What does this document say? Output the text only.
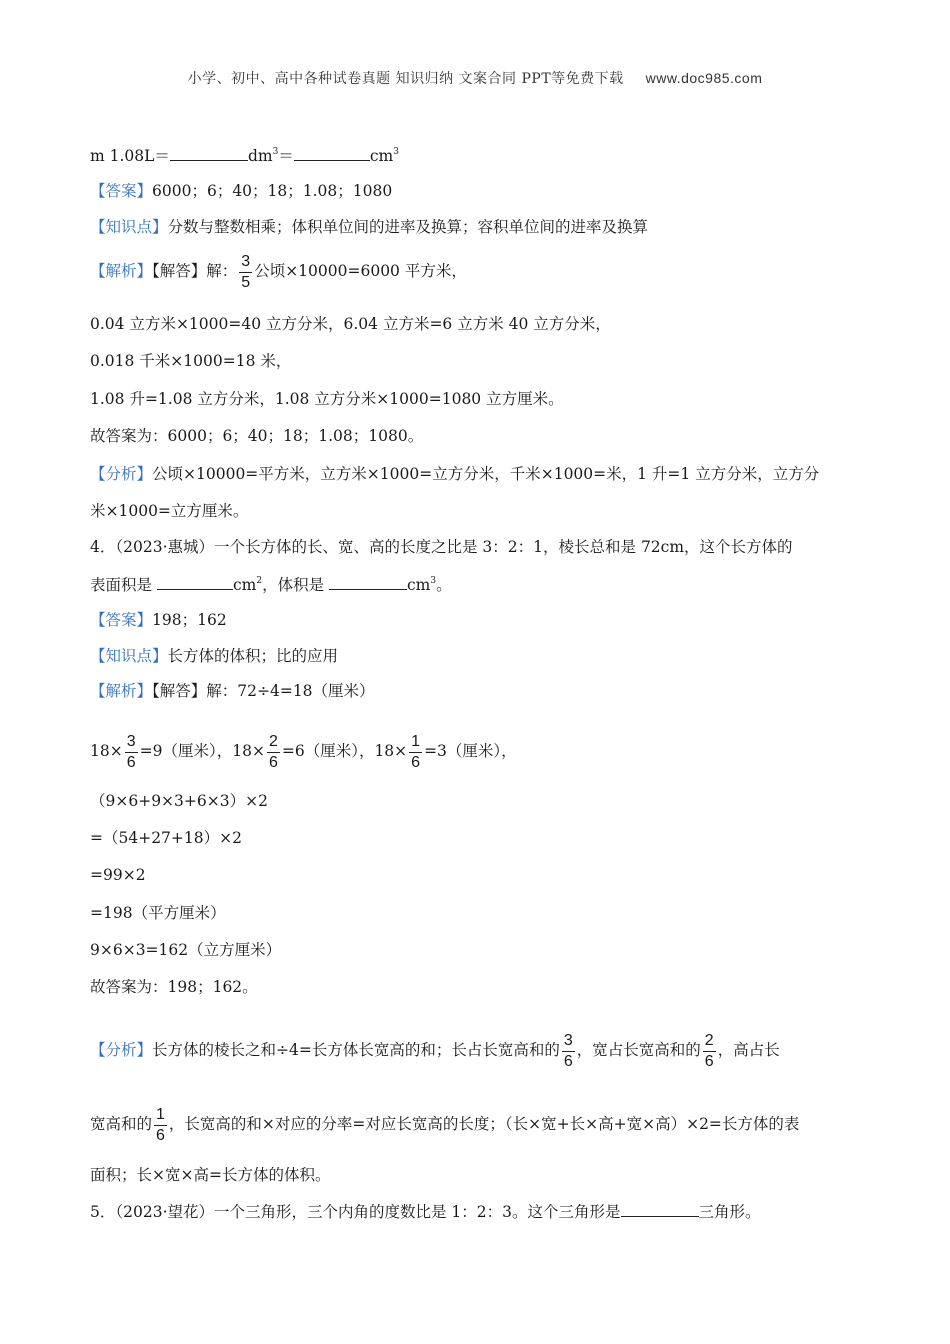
小学、初中、高中各种试卷真题 知识归纳 文案合同 PPT等免费下载 www.doc985.com
m 1.08L＝	$dm^3=$	$cm^3$
【答案】6000；6；40；18；1.08；1080
【知识点】分数与整数相乘；体积单位间的进率及换算；容积单位间的进率及换算
【解析】【解答】解： $\frac{3}{5}$ 公顷×10000=6000 平方米，
0.04 立方米×1000=40 立方分米，6.04 立方米=6 立方米 40 立方分米，
0.018 千米×1000=18 米，
1.08 升=1.08 立方分米，1.08 立方分米×1000=1080 立方厘米。
故答案为：6000；6；40；18；1.08；1080。
【分析】公顷×10000=平方米，立方米×1000=立方分米，千米×1000=米，1 升=1 立方分米，立方分
米×1000=立方厘米。
4．（2023·惠城）一个长方体的长、宽、高的长度之比是 3：2：1，棱长总和是 72cm，这个长方体的
表面积是	$cm^2$，体积是	$cm^3$。
【答案】198；162
【知识点】长方体的体积；比的应用
【解析】【解答】解：72÷4=18（厘米）
$18\times \frac{3}{6} =9$（厘米），$18\times \frac{2}{6} =6$（厘米），$18\times \frac{1}{6} =3$（厘米），
（9×6+9×3+6×3）×2
=（54+27+18）×2
=99×2
=198（平方厘米）
9×6×3=162（立方厘米）
故答案为：198；162。
【分析】长方体的棱长之和÷4=长方体长宽高的和；长占长宽高和的 $\frac{3}{6}$ ，宽占长宽高和的 $\frac{2}{6}$ ，高占长
宽高和的 $\frac{1}{6}$ ，长宽高的和×对应的分率=对应长宽高的长度；（长×宽+长×高+宽×高）×2=长方体的表
面积；长×宽×高=长方体的体积。
5．（2023·望花）一个三角形，三个内角的度数比是 1：2：3。这个三角形是	三角形。
